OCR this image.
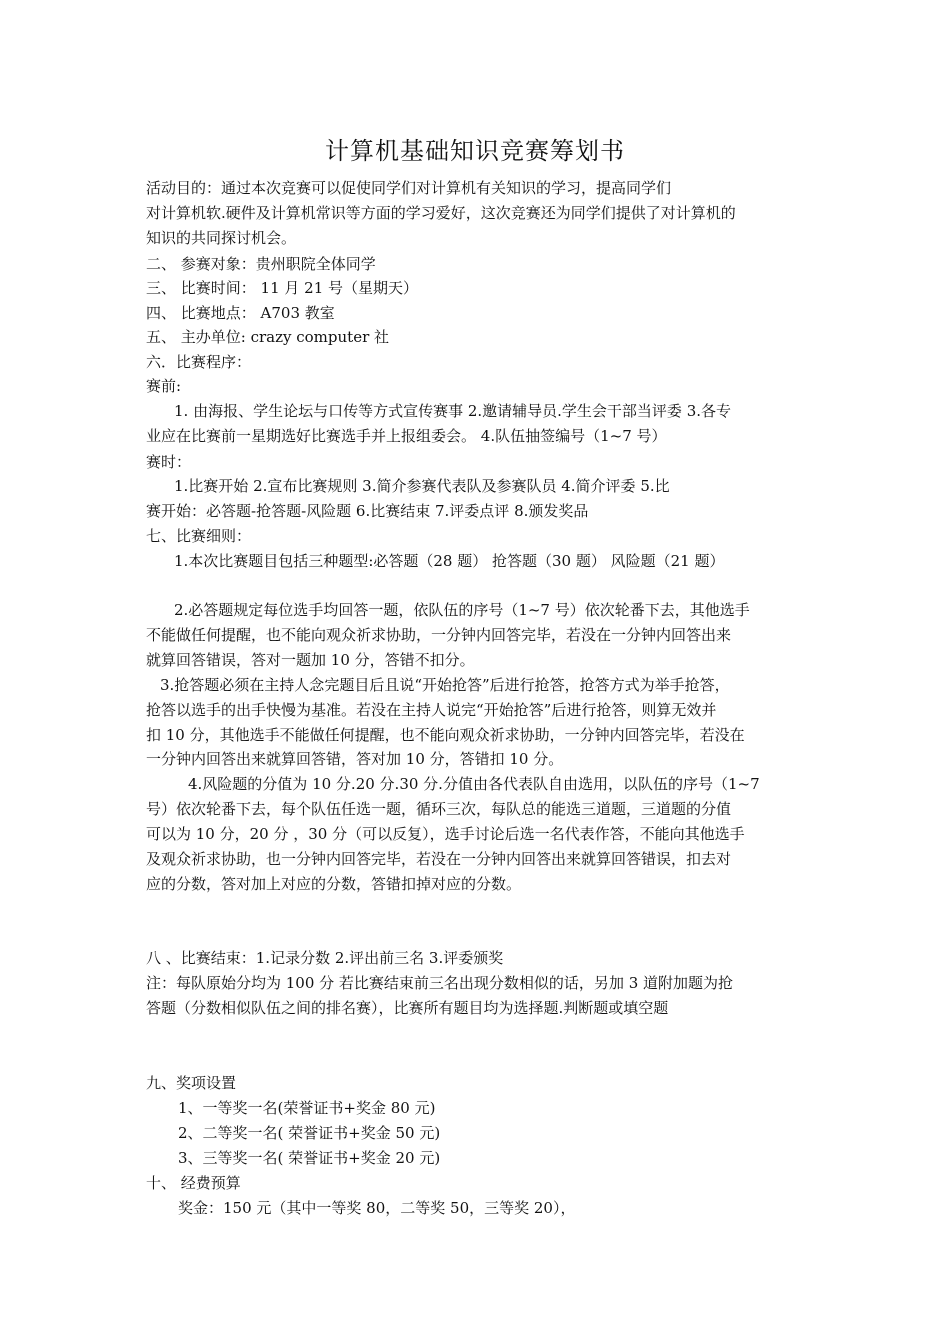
计算机基础知识竞赛筹划书
活动目的：通过本次竞赛可以促使同学们对计算机有关知识的学习，提高同学们
对计算机软.硬件及计算机常识等方面的学习爱好，这次竞赛还为同学们提供了对计算机的
知识的共同探讨机会。
二、 参赛对象：贵州职院全体同学
三、 比赛时间： 11 月 21 号（星期天）
四、 比赛地点： A703 教室
五、 主办单位: crazy computer 社
六．比赛程序：
赛前:
1. 由海报、学生论坛与口传等方式宣传赛事 2.邀请辅导员.学生会干部当评委 3.各专
业应在比赛前一星期选好比赛选手并上报组委会。 4.队伍抽签编号（1~7 号）
赛时：
1.比赛开始 2.宣布比赛规则 3.简介参赛代表队及参赛队员 4.简介评委 5.比
赛开始：必答题-抢答题-风险题 6.比赛结束 7.评委点评 8.颁发奖品
七、比赛细则：
1.本次比赛题目包括三种题型:必答题（28 题） 抢答题（30 题） 风险题（21 题）
2.必答题规定每位选手均回答一题，依队伍的序号（1~7 号）依次轮番下去，其他选手
不能做任何提醒，也不能向观众祈求协助，一分钟内回答完毕，若没在一分钟内回答出来
就算回答错误，答对一题加 10 分，答错不扣分。
3.抢答题必须在主持人念完题目后且说“开始抢答”后进行抢答，抢答方式为举手抢答，
抢答以选手的出手快慢为基准。若没在主持人说完“开始抢答”后进行抢答，则算无效并
扣 10 分，其他选手不能做任何提醒，也不能向观众祈求协助，一分钟内回答完毕，若没在
一分钟内回答出来就算回答错，答对加 10 分，答错扣 10 分。
4.风险题的分值为 10 分.20 分.30 分.分值由各代表队自由选用，以队伍的序号（1~7
号）依次轮番下去，每个队伍任选一题，循环三次，每队总的能选三道题，三道题的分值
可以为 10 分，20 分 ，30 分（可以反复），选手讨论后选一名代表作答，不能向其他选手
及观众祈求协助，也一分钟内回答完毕，若没在一分钟内回答出来就算回答错误，扣去对
应的分数，答对加上对应的分数，答错扣掉对应的分数。
八 、比赛结束：1.记录分数 2.评出前三名 3.评委颁奖
注：每队原始分均为 100 分 若比赛结束前三名出现分数相似的话，另加 3 道附加题为抢
答题（分数相似队伍之间的排名赛），比赛所有题目均为选择题.判断题或填空题
九、奖项设置
1、一等奖一名(荣誉证书+奖金 80 元)
2、二等奖一名( 荣誉证书+奖金 50 元)
3、三等奖一名( 荣誉证书+奖金 20 元)
十、 经费预算
奖金：150 元（其中一等奖 80，二等奖 50，三等奖 20），
